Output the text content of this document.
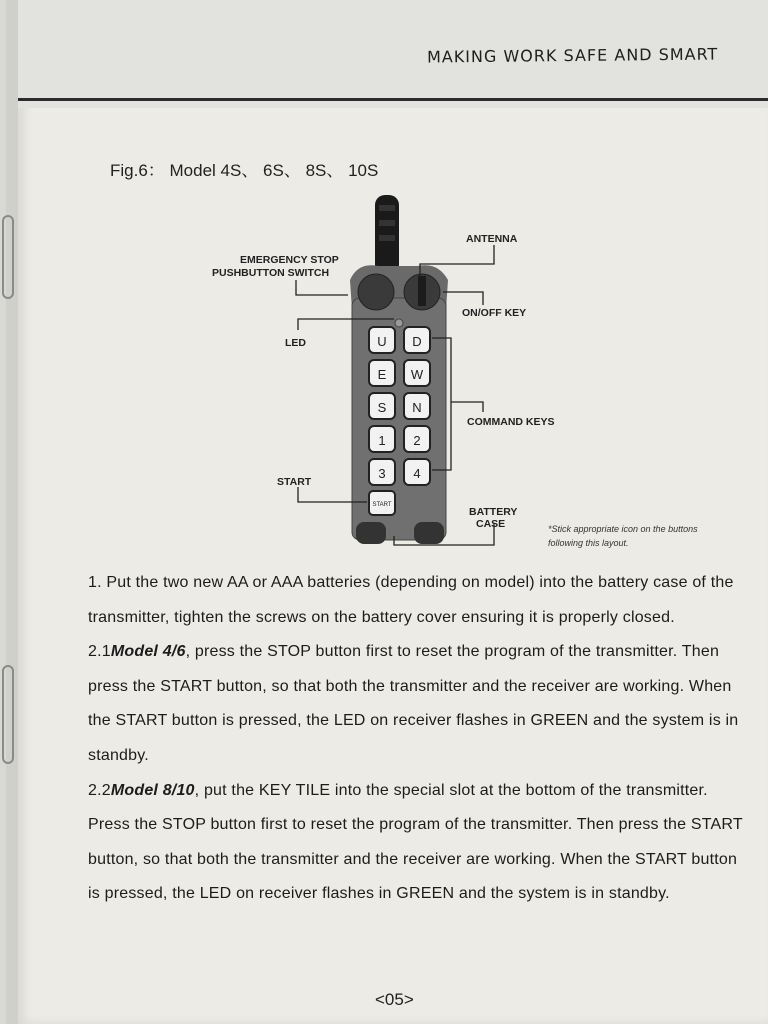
MAKING WORK SAFE AND SMART
Fig.6： Model 4S、 6S、 8S、 10S
U D
E W
S N
1 2
3 4
START
ANTENNA
EMERGENCY STOP
PUSHBUTTON SWITCH
ON/OFF KEY
LED
COMMAND KEYS
START
BATTERY
CASE	*Stick appropriate icon on the buttons
following this layout.

1. Put the two new AA or AAA batteries (depending on model) into the battery case of the transmitter, tighten the screws on the battery cover ensuring it is properly closed.

2.1Model 4/6, press the STOP button first to reset the program of the transmitter. Then press the START button, so that both the transmitter and the receiver are working. When the START button is pressed, the LED on receiver flashes in GREEN and the system is in standby.

2.2Model 8/10, put the KEY TILE into the special slot at the bottom of the transmitter. Press the STOP button first to reset the program of the transmitter. Then press the START button, so that both the transmitter and the receiver are working. When the START button is pressed, the LED on receiver flashes in GREEN and the system is in standby.

<05>
